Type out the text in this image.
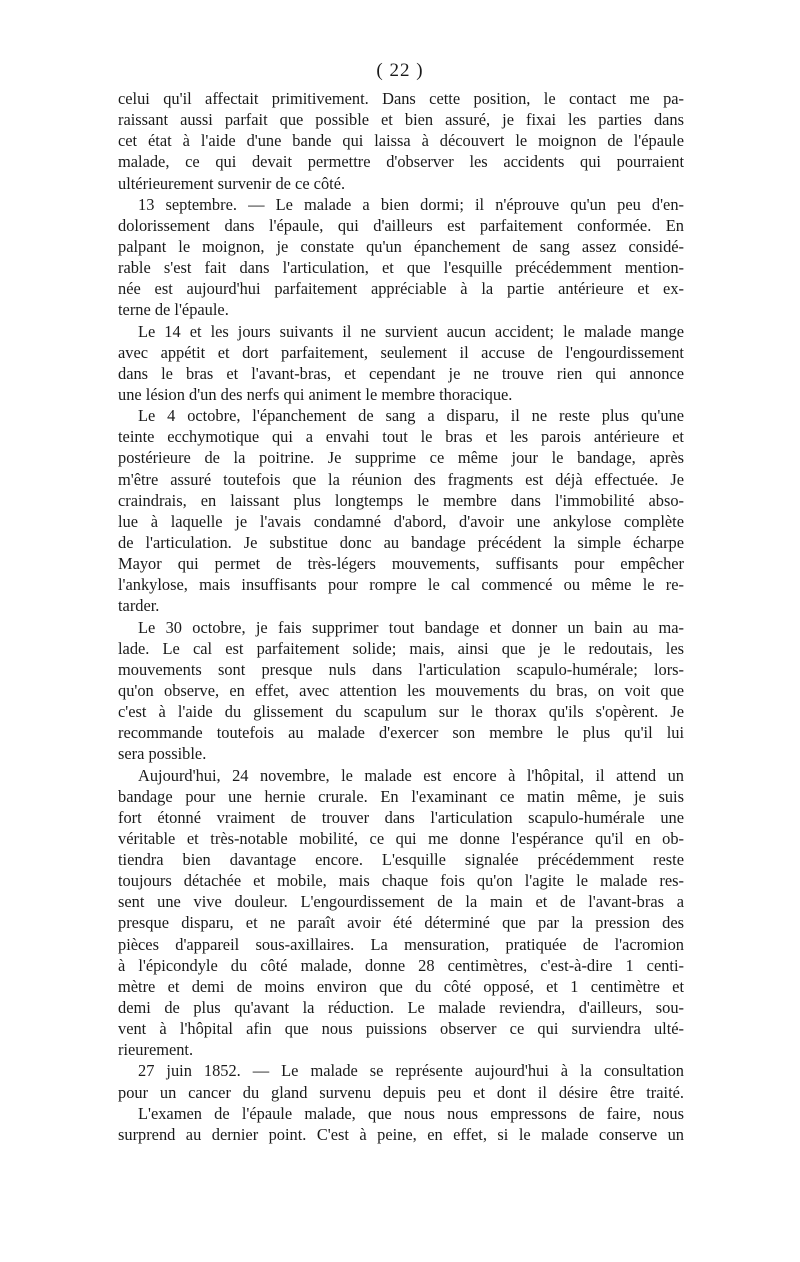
( 22 )
celui qu'il affectait primitivement. Dans cette position, le contact me pa-
raissant aussi parfait que possible et bien assuré, je fixai les parties dans
cet état à l'aide d'une bande qui laissa à découvert le moignon de l'épaule
malade, ce qui devait permettre d'observer les accidents qui pourraient
ultérieurement survenir de ce côté.
13 septembre. — Le malade a bien dormi; il n'éprouve qu'un peu d'en-
dolorissement dans l'épaule, qui d'ailleurs est parfaitement conformée. En
palpant le moignon, je constate qu'un épanchement de sang assez considé-
rable s'est fait dans l'articulation, et que l'esquille précédemment mention-
née est aujourd'hui parfaitement appréciable à la partie antérieure et ex-
terne de l'épaule.
Le 14 et les jours suivants il ne survient aucun accident; le malade mange
avec appétit et dort parfaitement, seulement il accuse de l'engourdissement
dans le bras et l'avant-bras, et cependant je ne trouve rien qui annonce
une lésion d'un des nerfs qui animent le membre thoracique.
Le 4 octobre, l'épanchement de sang a disparu, il ne reste plus qu'une
teinte ecchymotique qui a envahi tout le bras et les parois antérieure et
postérieure de la poitrine. Je supprime ce même jour le bandage, après
m'être assuré toutefois que la réunion des fragments est déjà effectuée. Je
craindrais, en laissant plus longtemps le membre dans l'immobilité abso-
lue à laquelle je l'avais condamné d'abord, d'avoir une ankylose complète
de l'articulation. Je substitue donc au bandage précédent la simple écharpe
Mayor qui permet de très-légers mouvements, suffisants pour empêcher
l'ankylose, mais insuffisants pour rompre le cal commencé ou même le re-
tarder.
Le 30 octobre, je fais supprimer tout bandage et donner un bain au ma-
lade. Le cal est parfaitement solide; mais, ainsi que je le redoutais, les
mouvements sont presque nuls dans l'articulation scapulo-humérale; lors-
qu'on observe, en effet, avec attention les mouvements du bras, on voit que
c'est à l'aide du glissement du scapulum sur le thorax qu'ils s'opèrent. Je
recommande toutefois au malade d'exercer son membre le plus qu'il lui
sera possible.
Aujourd'hui, 24 novembre, le malade est encore à l'hôpital, il attend un
bandage pour une hernie crurale. En l'examinant ce matin même, je suis
fort étonné vraiment de trouver dans l'articulation scapulo-humérale une
véritable et très-notable mobilité, ce qui me donne l'espérance qu'il en ob-
tiendra bien davantage encore. L'esquille signalée précédemment reste
toujours détachée et mobile, mais chaque fois qu'on l'agite le malade res-
sent une vive douleur. L'engourdissement de la main et de l'avant-bras a
presque disparu, et ne paraît avoir été déterminé que par la pression des
pièces d'appareil sous-axillaires. La mensuration, pratiquée de l'acromion
à l'épicondyle du côté malade, donne 28 centimètres, c'est-à-dire 1 centi-
mètre et demi de moins environ que du côté opposé, et 1 centimètre et
demi de plus qu'avant la réduction. Le malade reviendra, d'ailleurs, sou-
vent à l'hôpital afin que nous puissions observer ce qui surviendra ulté-
rieurement.
27 juin 1852. — Le malade se représente aujourd'hui à la consultation
pour un cancer du gland survenu depuis peu et dont il désire être traité.
L'examen de l'épaule malade, que nous nous empressons de faire, nous
surprend au dernier point. C'est à peine, en effet, si le malade conserve un
